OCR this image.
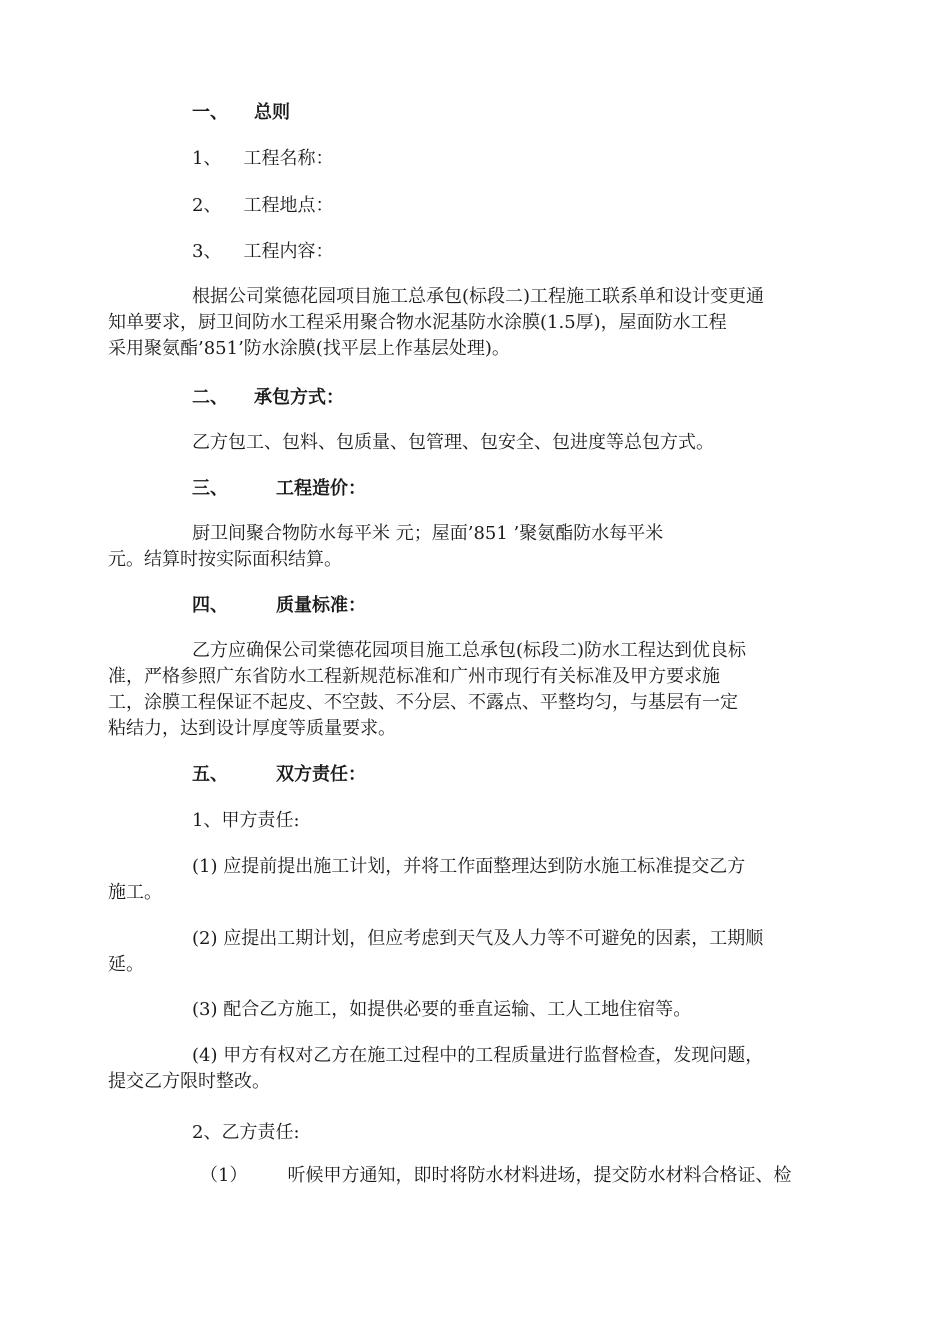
一、 总则
1、 工程名称：
2、 工程地点：
3、 工程内容：
根据公司棠德花园项目施工总承包(标段二)工程施工联系单和设计变更通
知单要求，厨卫间防水工程采用聚合物水泥基防水涂膜(1.5厚)，屋面防水工程
采用聚氨酯’851’防水涂膜(找平层上作基层处理)。
二、 承包方式：
乙方包工、包料、包质量、包管理、包安全、包进度等总包方式。
三、	工程造价：
厨卫间聚合物防水每平米 元；屋面’851 ’聚氨酯防水每平米
元。结算时按实际面积结算。
四、	质量标准：
乙方应确保公司棠德花园项目施工总承包(标段二)防水工程达到优良标
准，严格参照广东省防水工程新规范标准和广州市现行有关标准及甲方要求施
工，涂膜工程保证不起皮、不空鼓、不分层、不露点、平整均匀，与基层有一定
粘结力，达到设计厚度等质量要求。
五、	双方责任：
1、甲方责任:
(1) 应提前提出施工计划，并将工作面整理达到防水施工标准提交乙方
施工。
(2) 应提出工期计划，但应考虑到天气及人力等不可避免的因素，工期顺
延。
(3) 配合乙方施工，如提供必要的垂直运输、工人工地住宿等。
(4) 甲方有权对乙方在施工过程中的工程质量进行监督检查，发现问题，
提交乙方限时整改。
2、乙方责任:
（1） 听候甲方通知，即时将防水材料进场，提交防水材料合格证、检
